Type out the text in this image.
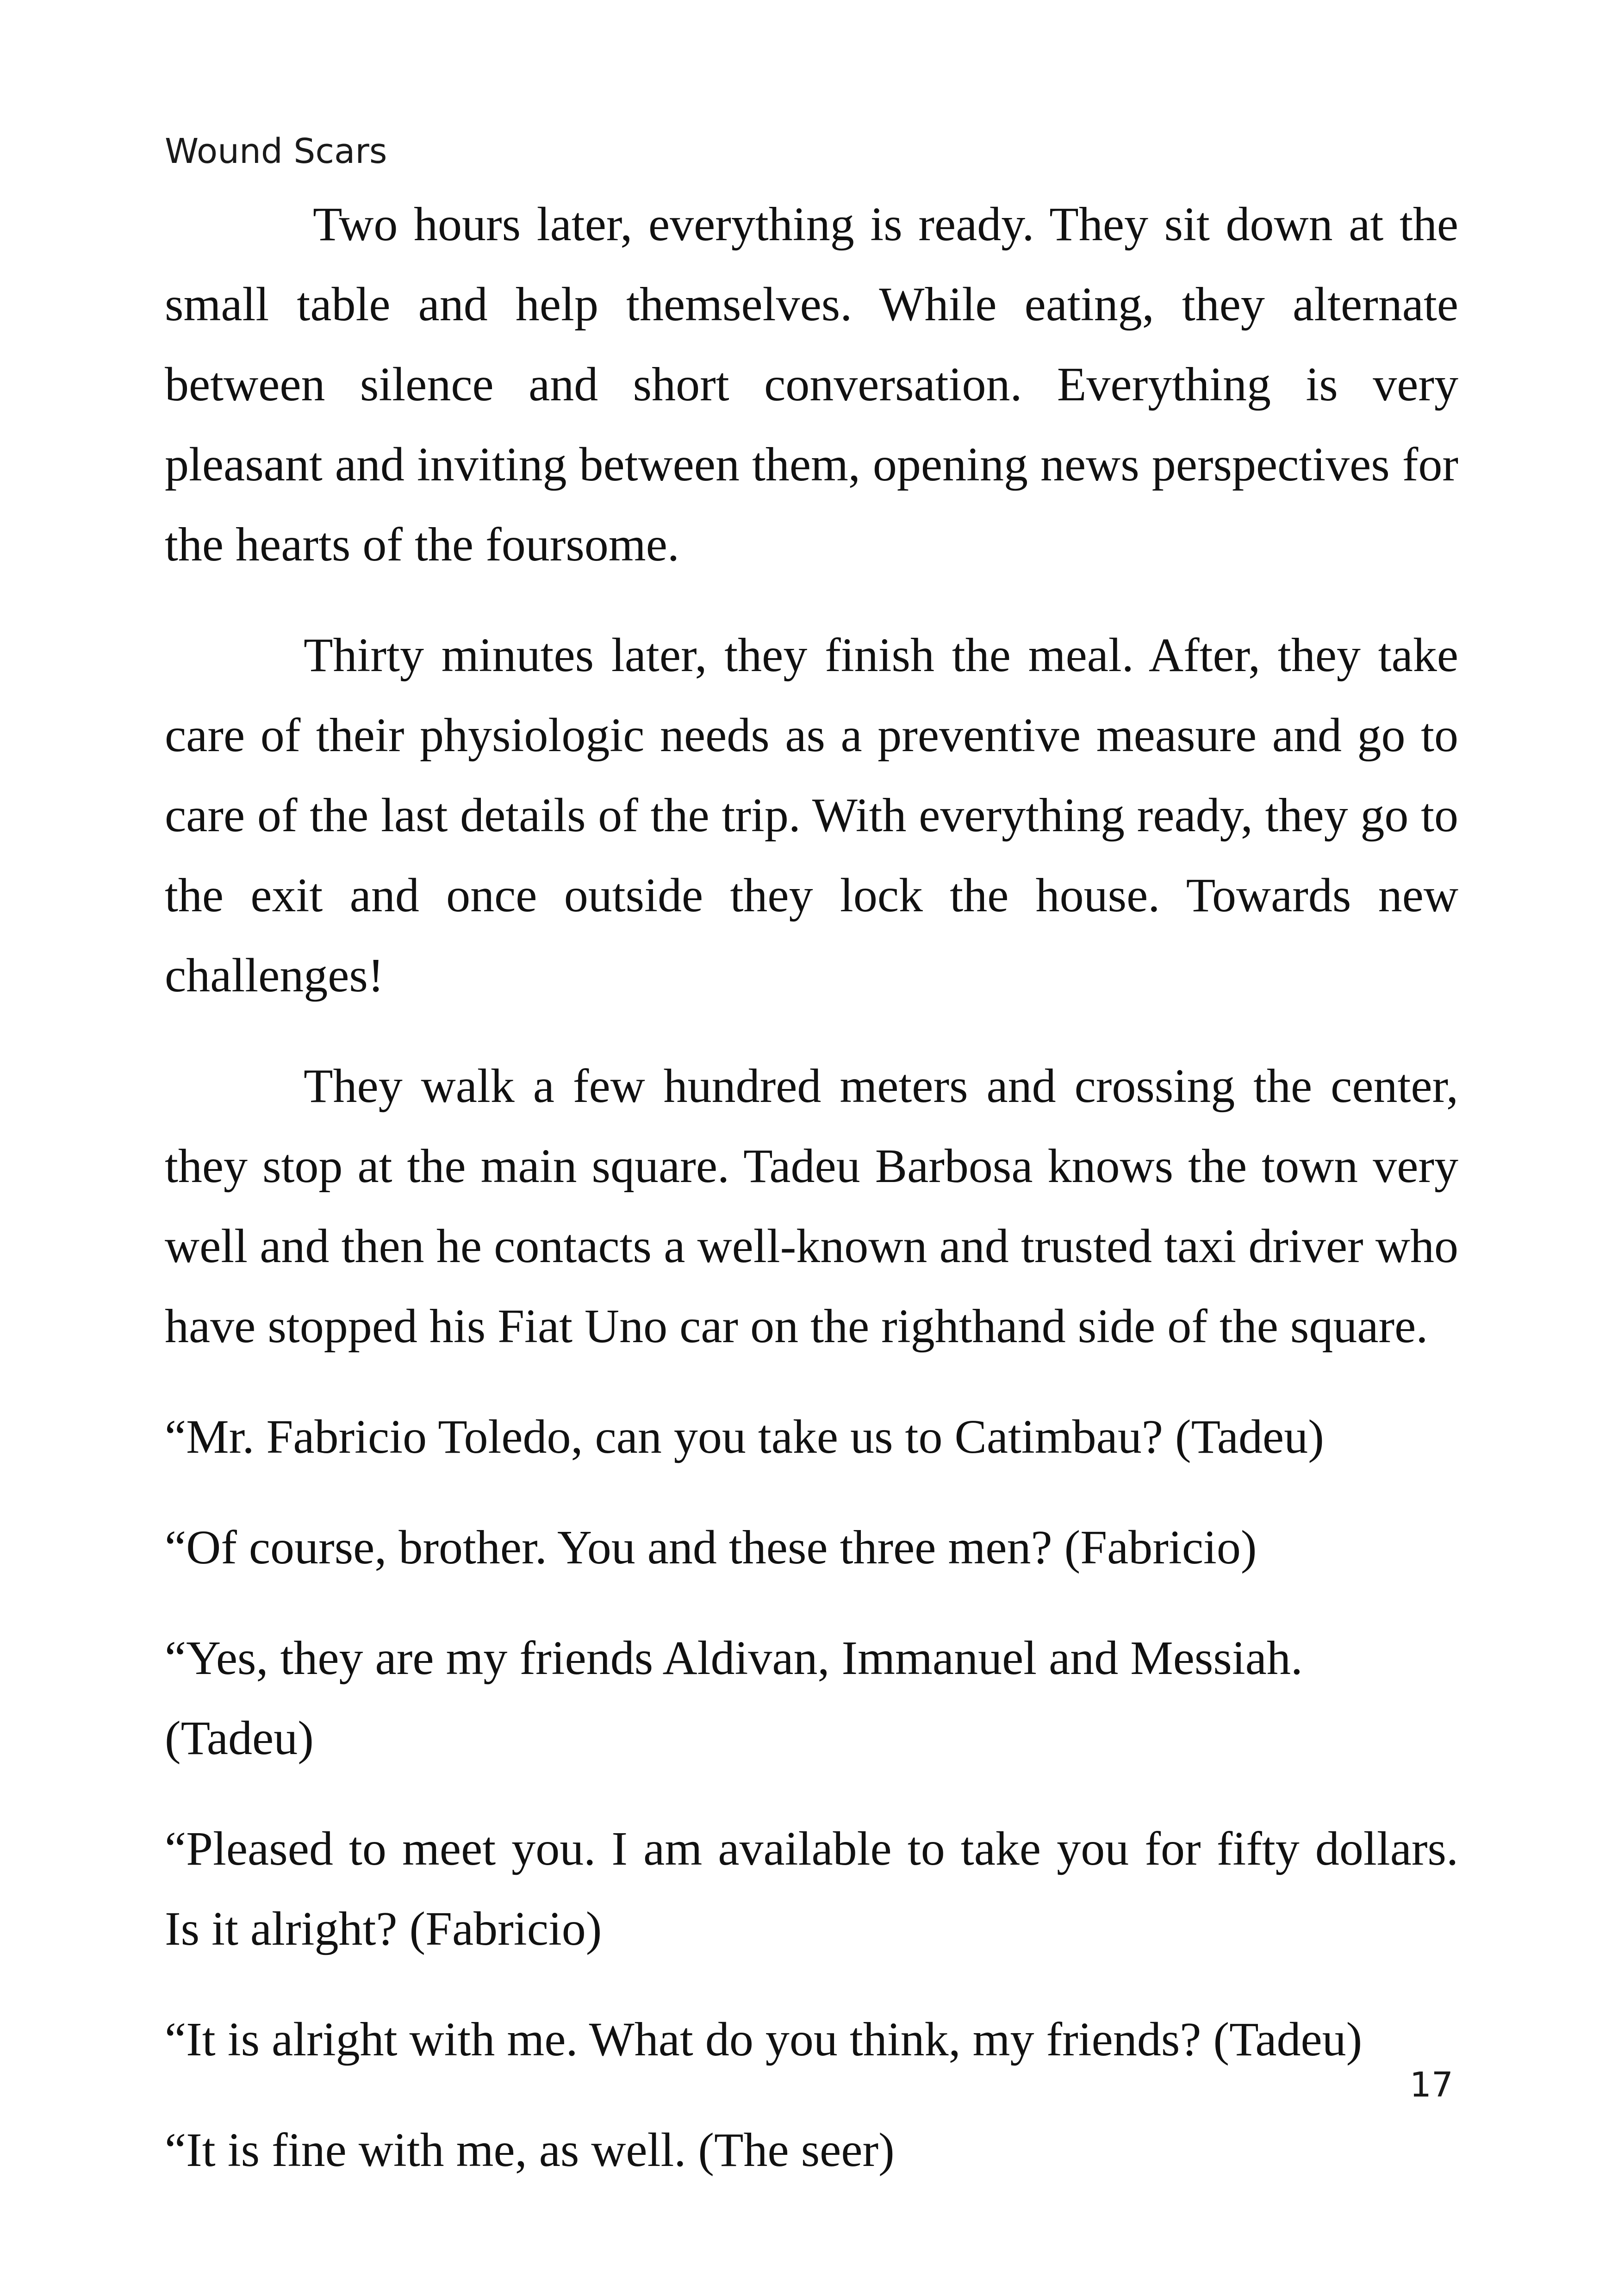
Wound Scars

Two hours later, everything is ready. They sit down at the small table and help themselves. While eating, they alternate between silence and short conversation. Everything is very pleasant and inviting between them, opening news perspectives for the hearts of the foursome.

Thirty minutes later, they finish the meal. After, they take care of their physiologic needs as a preventive measure and go to care of the last details of the trip. With everything ready, they go to the exit and once outside they lock the house. Towards new challenges!

They walk a few hundred meters and crossing the center, they stop at the main square. Tadeu Barbosa knows the town very well and then he contacts a well-known and trusted taxi driver who have stopped his Fiat Uno car on the righthand side of the square.

“Mr. Fabricio Toledo, can you take us to Catimbau? (Tadeu)

“Of course, brother. You and these three men? (Fabricio)

“Yes, they are my friends Aldivan, Immanuel and Messiah. (Tadeu)

“Pleased to meet you. I am available to take you for fifty dollars. Is it alright? (Fabricio)

“It is alright with me. What do you think, my friends? (Tadeu)

“It is fine with me, as well. (The seer)

17
